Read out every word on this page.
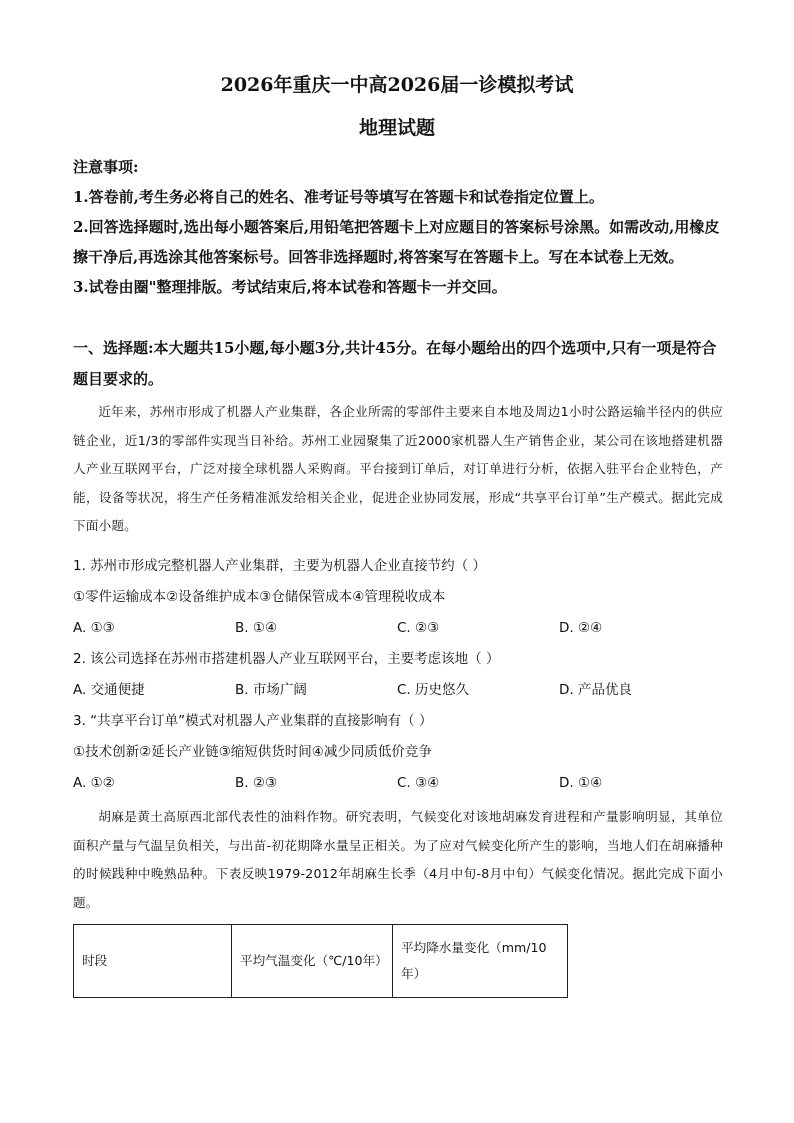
2026年重庆一中高2026届一诊模拟考试
地理试题

注意事项:

1.答卷前,考生务必将自己的姓名、准考证号等填写在答题卡和试卷指定位置上。

2.回答选择题时,选出每小题答案后,用铅笔把答题卡上对应题目的答案标号涂黑。如需改动,用橡皮擦干净后,再选涂其他答案标号。回答非选择题时,将答案写在答题卡上。写在本试卷上无效。

3.试卷由圈"整理排版。考试结束后,将本试卷和答题卡一并交回。

一、选择题:本大题共15小题,每小题3分,共计45分。在每小题给出的四个选项中,只有一项是符合题目要求的。

近年来，苏州市形成了机器人产业集群，各企业所需的零部件主要来自本地及周边1小时公路运输半径内的供应链企业，近1/3的零部件实现当日补给。苏州工业园聚集了近2000家机器人生产销售企业，某公司在该地搭建机器人产业互联网平台，广泛对接全球机器人采购商。平台接到订单后，对订单进行分析，依据入驻平台企业特色，产能，设备等状况，将生产任务精准派发给相关企业，促进企业协同发展，形成“共享平台订单”生产模式。据此完成下面小题。

1. 苏州市形成完整机器人产业集群，主要为机器人企业直接节约（ ）

①零件运输成本②设备维护成本③仓储保管成本④管理税收成本

A. ①③	B. ①④	C. ②③	D. ②④

2. 该公司选择在苏州市搭建机器人产业互联网平台，主要考虑该地（ ）

A. 交通便捷	B. 市场广阔	C. 历史悠久	D. 产品优良

3. “共享平台订单”模式对机器人产业集群的直接影响有（ ）

①技术创新②延长产业链③缩短供货时间④减少同质低价竞争

A. ①②	B. ②③	C. ③④	D. ①④

胡麻是黄土高原西北部代表性的油料作物。研究表明，气候变化对该地胡麻发育进程和产量影响明显，其单位面积产量与气温呈负相关，与出苗-初花期降水量呈正相关。为了应对气候变化所产生的影响，当地人们在胡麻播种的时候践种中晚熟品种。下表反映1979-2012年胡麻生长季（4月中旬-8月中旬）气候变化情况。据此完成下面小题。

时段	平均气温变化（℃/10年）	平均降水量变化（mm/10年）
